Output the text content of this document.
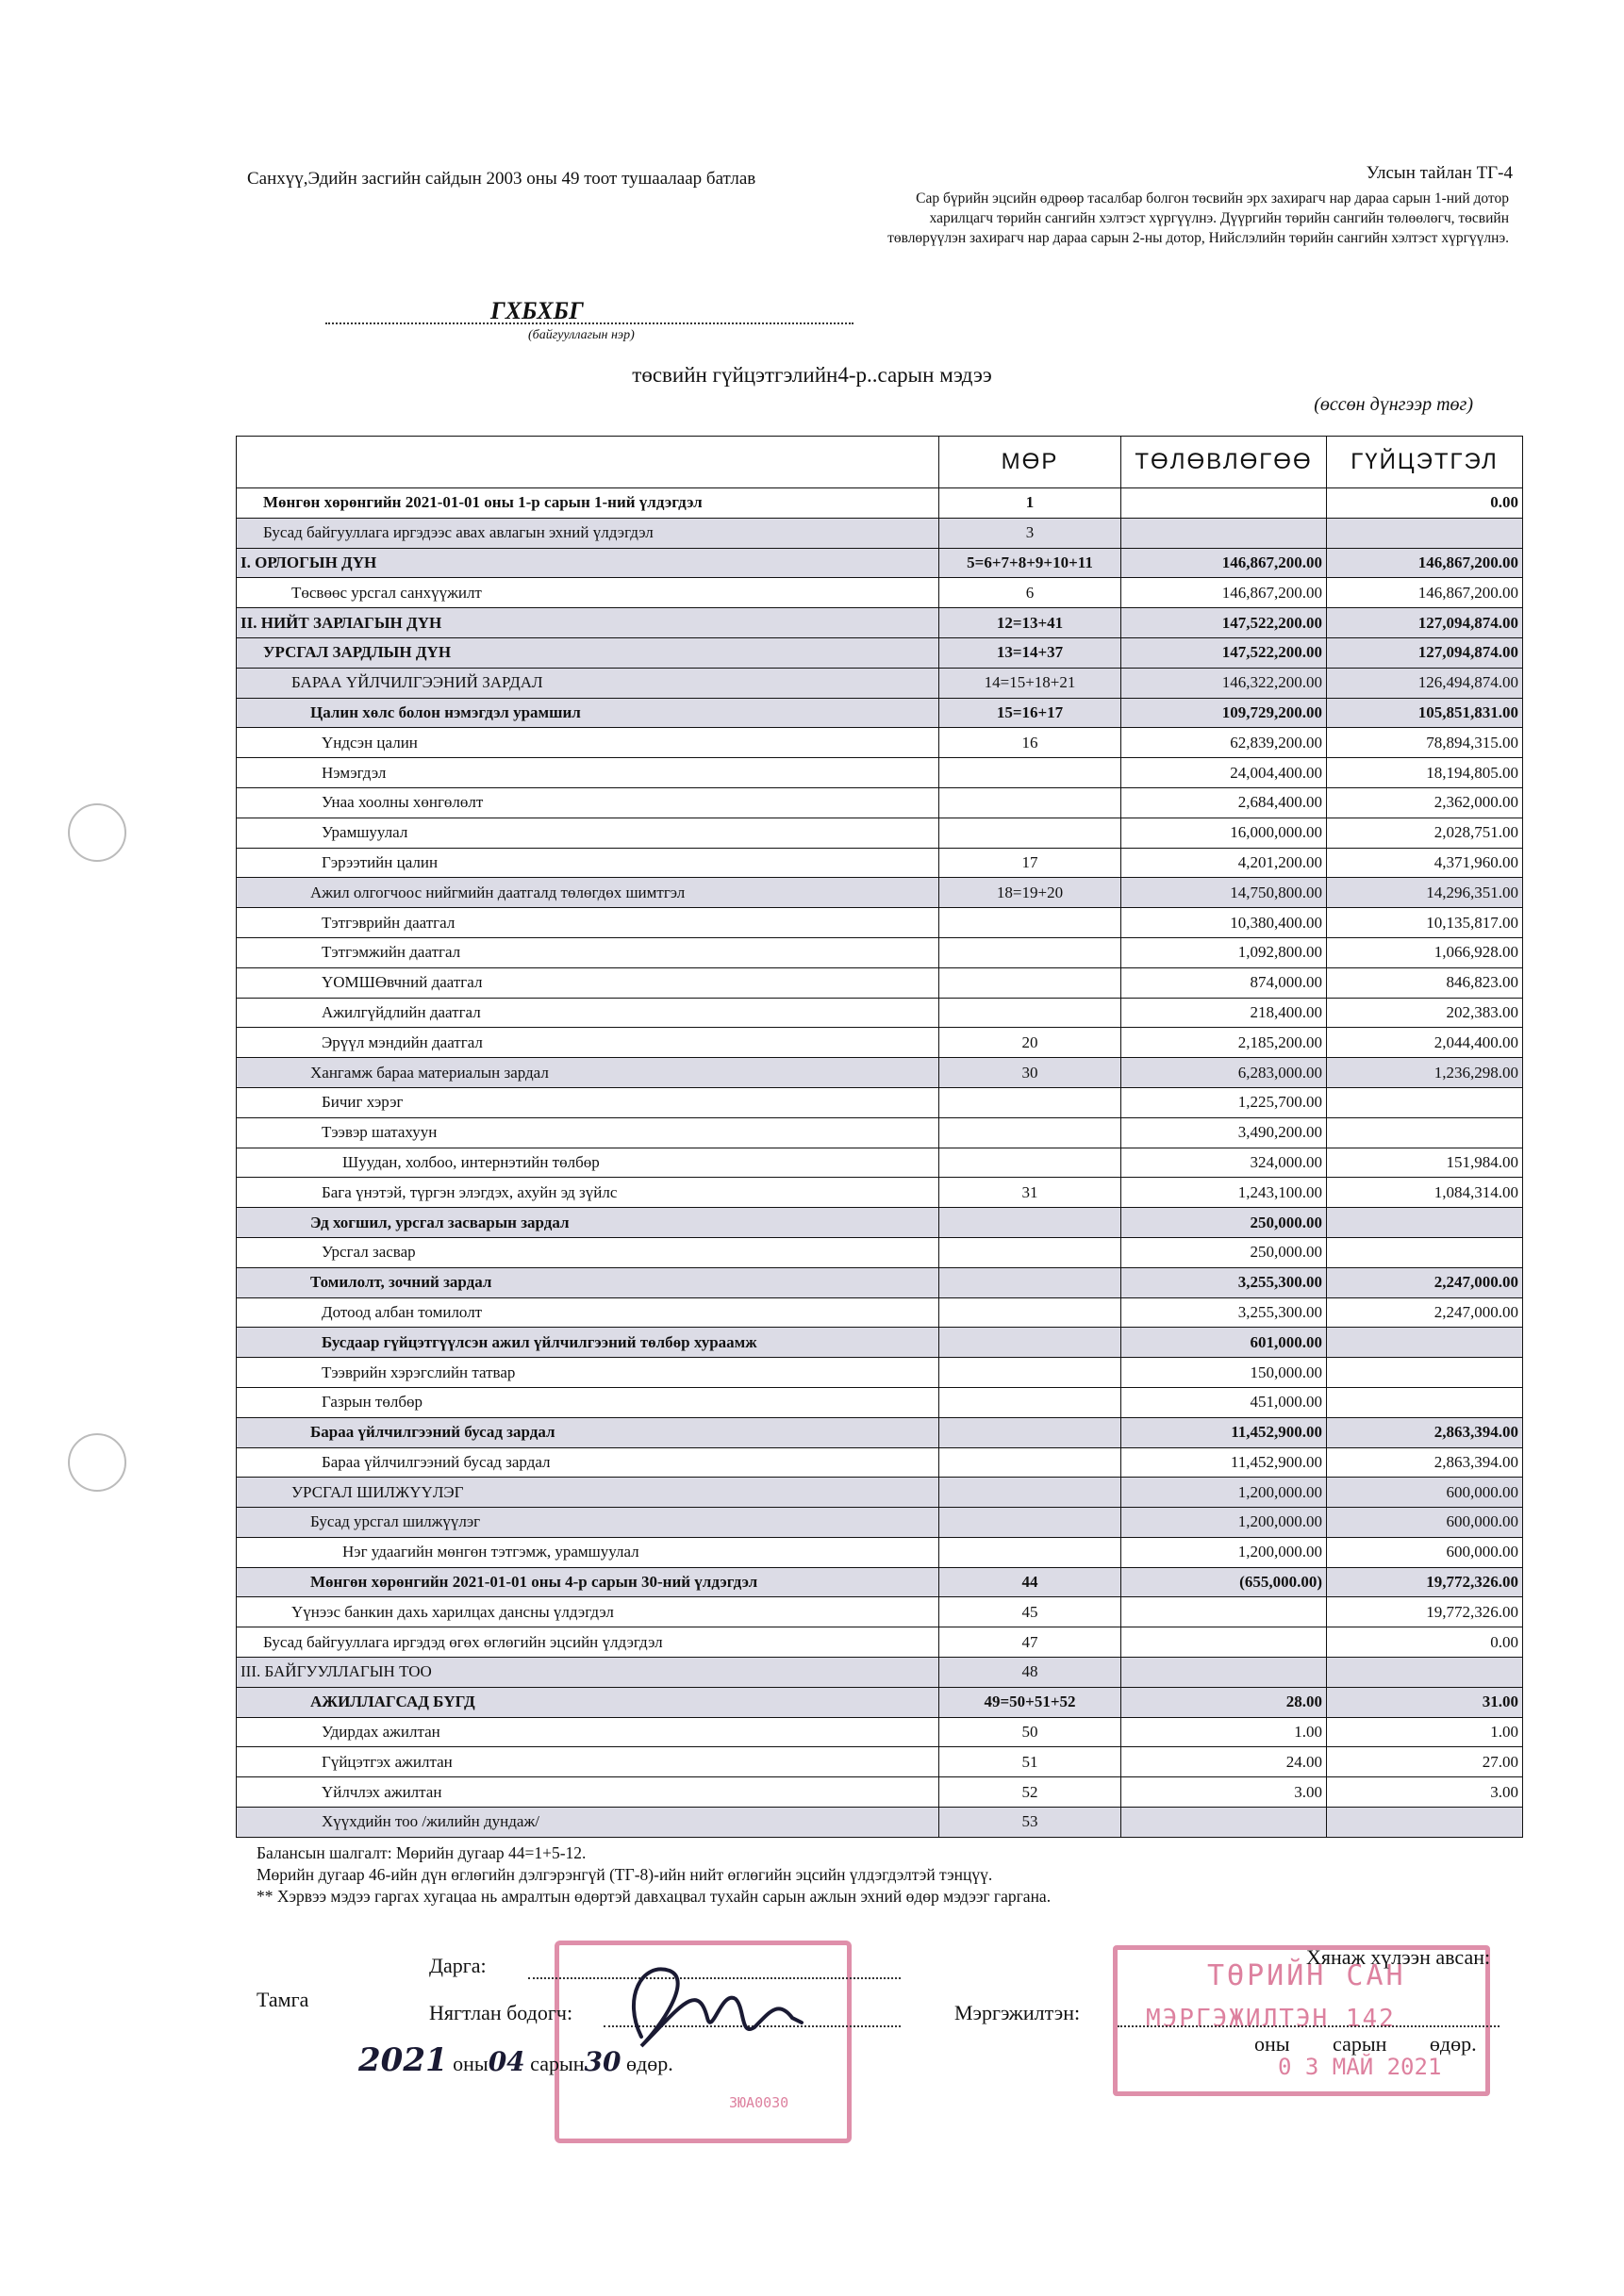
Санхүү,Эдийн засгийн сайдын 2003 оны 49 тоот тушаалаар батлав	Улсын тайлан ТГ-4
Сар бүрийн эцсийн өдрөөр тасалбар болгон төсвийн эрх захирагч нар дараа сарын 1-ний дотор харилцагч төрийн сангийн хэлтэст хүргүүлнэ. Дүүргийн төрийн сангийн төлөөлөгч, төсвийн төвлөрүүлэн захирагч нар дараа сарын 2-ны дотор, Нийслэлийн төрийн сангийн хэлтэст хүргүүлнэ.
ГХБХБГ
(байгууллагын нэр)
төсвийн гүйцэтгэлийн4-р..сарын мэдээ
(өссөн дүнгээр төг)
	МӨР	ТӨЛӨВЛӨГӨӨ	ГҮЙЦЭТГЭЛ
Мөнгөн хөрөнгийн 2021-01-01 оны 1-р сарын 1-ний үлдэгдэл	1		0.00
Бусад байгууллага иргэдээс авах авлагын эхний үлдэгдэл	3		
I. ОРЛОГЫН ДҮН	5=6+7+8+9+10+11	146,867,200.00	146,867,200.00
Төсвөөс урсгал санхүүжилт	6	146,867,200.00	146,867,200.00
II. НИЙТ ЗАРЛАГЫН ДҮН	12=13+41	147,522,200.00	127,094,874.00
УРСГАЛ ЗАРДЛЫН ДҮН	13=14+37	147,522,200.00	127,094,874.00
БАРАА ҮЙЛЧИЛГЭЭНИЙ ЗАРДАЛ	14=15+18+21	146,322,200.00	126,494,874.00
Цалин хөлс болон нэмэгдэл урамшил	15=16+17	109,729,200.00	105,851,831.00
Үндсэн цалин	16	62,839,200.00	78,894,315.00
Нэмэгдэл		24,004,400.00	18,194,805.00
Унаа хоолны хөнгөлөлт		2,684,400.00	2,362,000.00
Урамшуулал		16,000,000.00	2,028,751.00
Гэрээтийн цалин	17	4,201,200.00	4,371,960.00
Ажил олгогчоос нийгмийн даатгалд төлөгдөх шимтгэл	18=19+20	14,750,800.00	14,296,351.00
Тэтгэврийн даатгал		10,380,400.00	10,135,817.00
Тэтгэмжийн даатгал		1,092,800.00	1,066,928.00
ҮОМШӨвчний даатгал		874,000.00	846,823.00
Ажилгүйдлийн даатгал		218,400.00	202,383.00
Эрүүл мэндийн даатгал	20	2,185,200.00	2,044,400.00
Хангамж бараа материалын зардал	30	6,283,000.00	1,236,298.00
Бичиг хэрэг		1,225,700.00	
Тээвэр шатахуун		3,490,200.00	
Шуудан, холбоо, интернэтийн төлбөр		324,000.00	151,984.00
Бага үнэтэй, түргэн элэгдэх, ахуйн эд зүйлс	31	1,243,100.00	1,084,314.00
Эд хогшил, урсгал засварын зардал		250,000.00	
Урсгал засвар		250,000.00	
Томилолт, зочний зардал		3,255,300.00	2,247,000.00
Дотоод албан томилолт		3,255,300.00	2,247,000.00
Бусдаар гүйцэтгүүлсэн ажил үйлчилгээний төлбөр хураамж		601,000.00	
Тээврийн хэрэгслийн татвар		150,000.00	
Газрын төлбөр		451,000.00	
Бараа үйлчилгээний бусад зардал		11,452,900.00	2,863,394.00
Бараа үйлчилгээний бусад зардал		11,452,900.00	2,863,394.00
УРСГАЛ ШИЛЖҮҮЛЭГ		1,200,000.00	600,000.00
Бусад урсгал шилжүүлэг		1,200,000.00	600,000.00
Нэг удаагийн мөнгөн тэтгэмж, урамшуулал		1,200,000.00	600,000.00
Мөнгөн хөрөнгийн 2021-01-01 оны 4-р сарын 30-ний үлдэгдэл	44	(655,000.00)	19,772,326.00
Үүнээс банкин дахь харилцах дансны үлдэгдэл	45		19,772,326.00
Бусад байгууллага иргэдэд өгөх өглөгийн эцсийн үлдэгдэл	47		0.00
III. БАЙГУУЛЛАГЫН ТОО	48		
АЖИЛЛАГСАД БҮГД	49=50+51+52	28.00	31.00
Удирдах ажилтан	50	1.00	1.00
Гүйцэтгэх ажилтан	51	24.00	27.00
Үйлчлэх ажилтан	52	3.00	3.00
Хүүхдийн тоо /жилийн дундаж/	53		
Балансын шалгалт: Мөрийн дугаар 44=1+5-12.
Мөрийн дугаар 46-ийн дүн өглөгийн дэлгэрэнгүй (ТГ-8)-ийн нийт өглөгийн эцсийн үлдэгдэлтэй тэнцүү.
** Хэрвээ мэдээ гаргах хугацаа нь амралтын өдөртэй давхацвал тухайн сарын ажлын эхний өдөр мэдээг гаргана.
ЗЮА0030
Дарга:
Тамга
Нягтлан бодогч:
2021 оны04 сарын30 өдөр.
ТӨРИЙН САН
МЭРГЭЖИЛТЭН 142
0 3 МАЙ 2021
Хянаж хүлээн авсан:
Мэргэжилтэн:
оны сарын өдөр.
